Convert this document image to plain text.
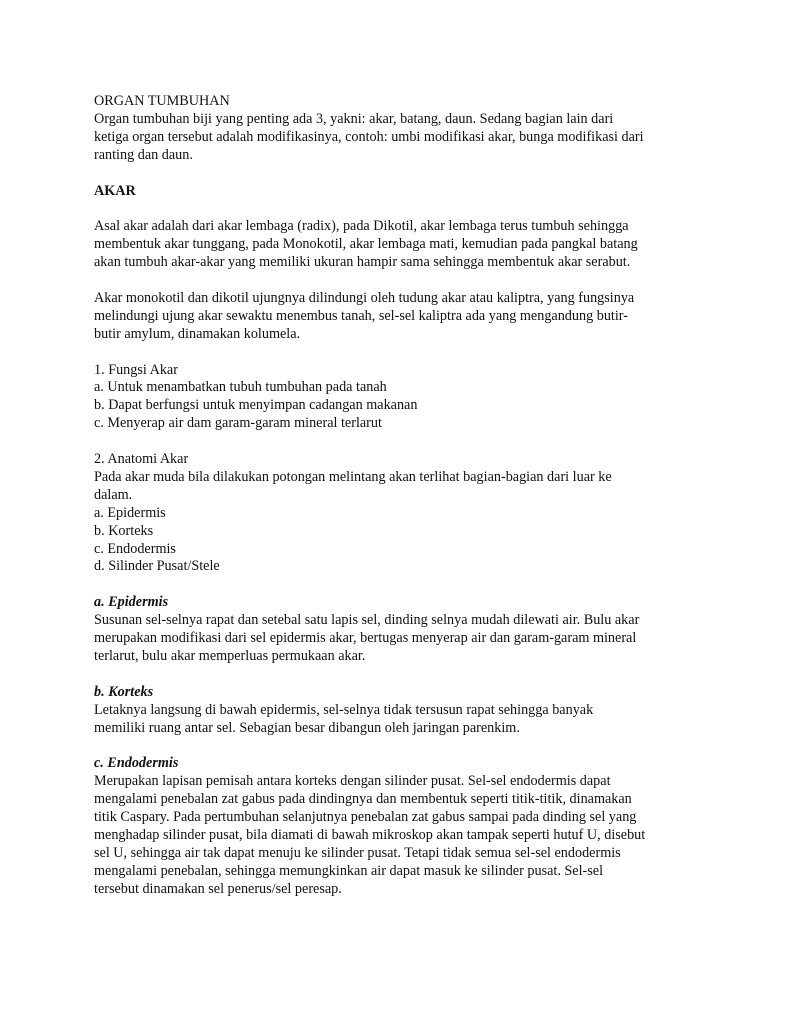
ORGAN TUMBUHAN
Organ tumbuhan biji yang penting ada 3, yakni: akar, batang, daun. Sedang bagian lain dari
ketiga organ tersebut adalah modifikasinya, contoh: umbi modifikasi akar, bunga modifikasi dari
ranting dan daun.
AKAR
Asal akar adalah dari akar lembaga (radix), pada Dikotil, akar lembaga terus tumbuh sehingga
membentuk akar tunggang, pada Monokotil, akar lembaga mati, kemudian pada pangkal batang
akan tumbuh akar-akar yang memiliki ukuran hampir sama sehingga membentuk akar serabut.
Akar monokotil dan dikotil ujungnya dilindungi oleh tudung akar atau kaliptra, yang fungsinya
melindungi ujung akar sewaktu menembus tanah, sel-sel kaliptra ada yang mengandung butir-
butir amylum, dinamakan kolumela.
1. Fungsi Akar
a. Untuk menambatkan tubuh tumbuhan pada tanah
b. Dapat berfungsi untuk menyimpan cadangan makanan
c. Menyerap air dam garam-garam mineral terlarut
2. Anatomi Akar
Pada akar muda bila dilakukan potongan melintang akan terlihat bagian-bagian dari luar ke
dalam.
a. Epidermis
b. Korteks
c. Endodermis
d. Silinder Pusat/Stele
a. Epidermis
Susunan sel-selnya rapat dan setebal satu lapis sel, dinding selnya mudah dilewati air. Bulu akar
merupakan modifikasi dari sel epidermis akar, bertugas menyerap air dan garam-garam mineral
terlarut, bulu akar memperluas permukaan akar.
b. Korteks
Letaknya langsung di bawah epidermis, sel-selnya tidak tersusun rapat sehingga banyak
memiliki ruang antar sel. Sebagian besar dibangun oleh jaringan parenkim.
c. Endodermis
Merupakan lapisan pemisah antara korteks dengan silinder pusat. Sel-sel endodermis dapat
mengalami penebalan zat gabus pada dindingnya dan membentuk seperti titik-titik, dinamakan
titik Caspary. Pada pertumbuhan selanjutnya penebalan zat gabus sampai pada dinding sel yang
menghadap silinder pusat, bila diamati di bawah mikroskop akan tampak seperti hutuf U, disebut
sel U, sehingga air tak dapat menuju ke silinder pusat. Tetapi tidak semua sel-sel endodermis
mengalami penebalan, sehingga memungkinkan air dapat masuk ke silinder pusat. Sel-sel
tersebut dinamakan sel penerus/sel peresap.
